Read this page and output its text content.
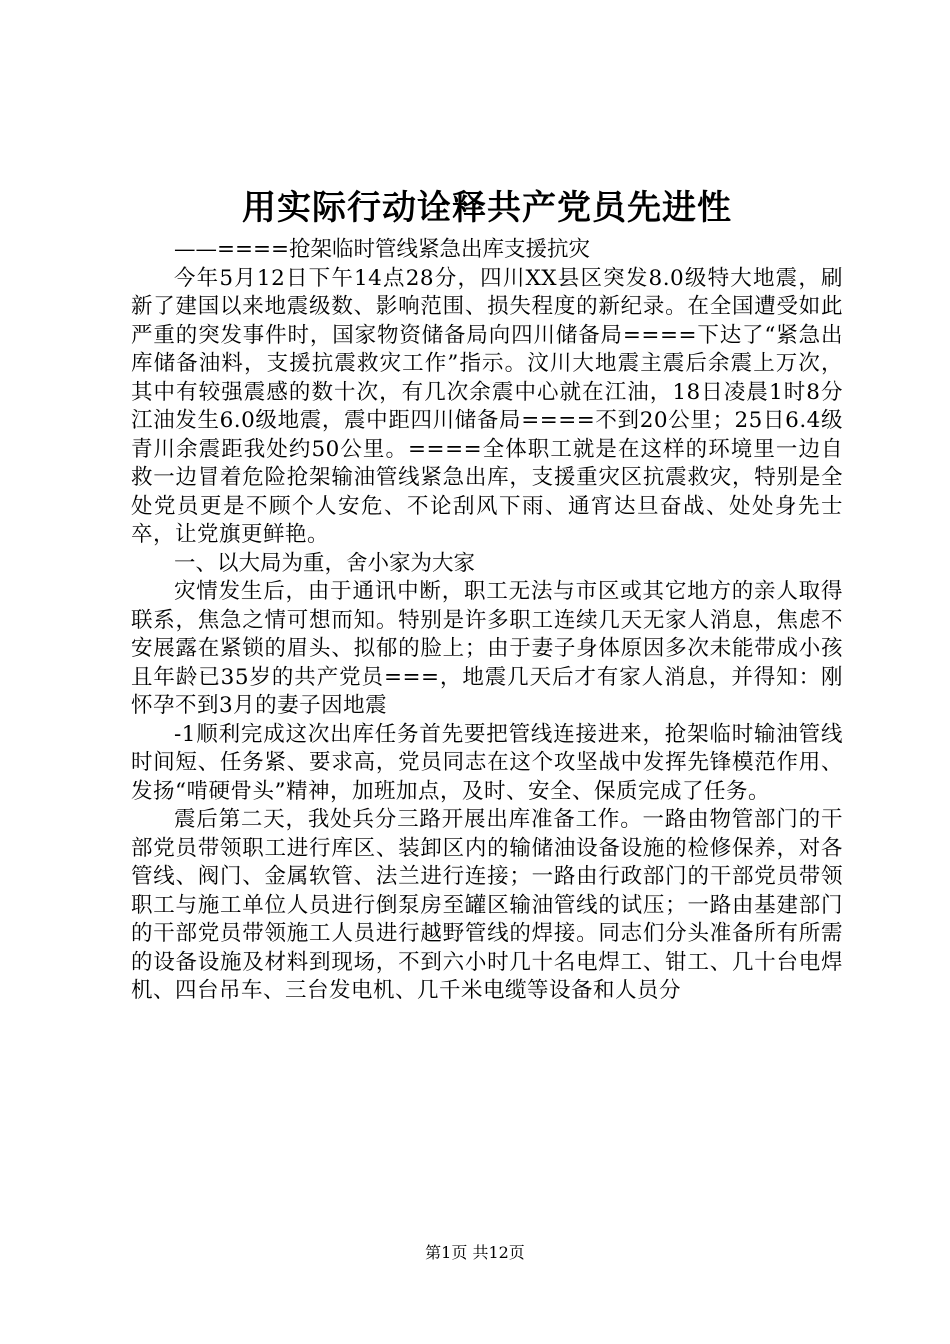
用实际行动诠释共产党员先进性

——====抢架临时管线紧急出库支援抗灾

今年5月12日下午14点28分，四川XX县区突发8.0级特大地震，刷新了建国以来地震级数、影响范围、损失程度的新纪录。在全国遭受如此严重的突发事件时，国家物资储备局向四川储备局====下达了“紧急出库储备油料，支援抗震救灾工作”指示。汶川大地震主震后余震上万次，其中有较强震感的数十次，有几次余震中心就在江油，18日凌晨1时8分江油发生6.0级地震，震中距四川储备局====不到20公里；25日6.4级青川余震距我处约50公里。====全体职工就是在这样的环境里一边自救一边冒着危险抢架输油管线紧急出库，支援重灾区抗震救灾，特别是全处党员更是不顾个人安危、不论刮风下雨、通宵达旦奋战、处处身先士卒，让党旗更鲜艳。

一、以大局为重，舍小家为大家

灾情发生后，由于通讯中断，职工无法与市区或其它地方的亲人取得联系，焦急之情可想而知。特别是许多职工连续几天无家人消息，焦虑不安展露在紧锁的眉头、拟郁的脸上；由于妻子身体原因多次未能带成小孩且年龄已35岁的共产党员===，地震几天后才有家人消息，并得知：刚怀孕不到3月的妻子因地震

-1顺利完成这次出库任务首先要把管线连接进来，抢架临时输油管线时间短、任务紧、要求高，党员同志在这个攻坚战中发挥先锋模范作用、发扬“啃硬骨头”精神，加班加点，及时、安全、保质完成了任务。

震后第二天，我处兵分三路开展出库准备工作。一路由物管部门的干部党员带领职工进行库区、装卸区内的输储油设备设施的检修保养，对各管线、阀门、金属软管、法兰进行连接；一路由行政部门的干部党员带领职工与施工单位人员进行倒泵房至罐区输油管线的试压；一路由基建部门的干部党员带领施工人员进行越野管线的焊接。同志们分头准备所有所需的设备设施及材料到现场，不到六小时几十名电焊工、钳工、几十台电焊机、四台吊车、三台发电机、几千米电缆等设备和人员分

第1页 共12页
